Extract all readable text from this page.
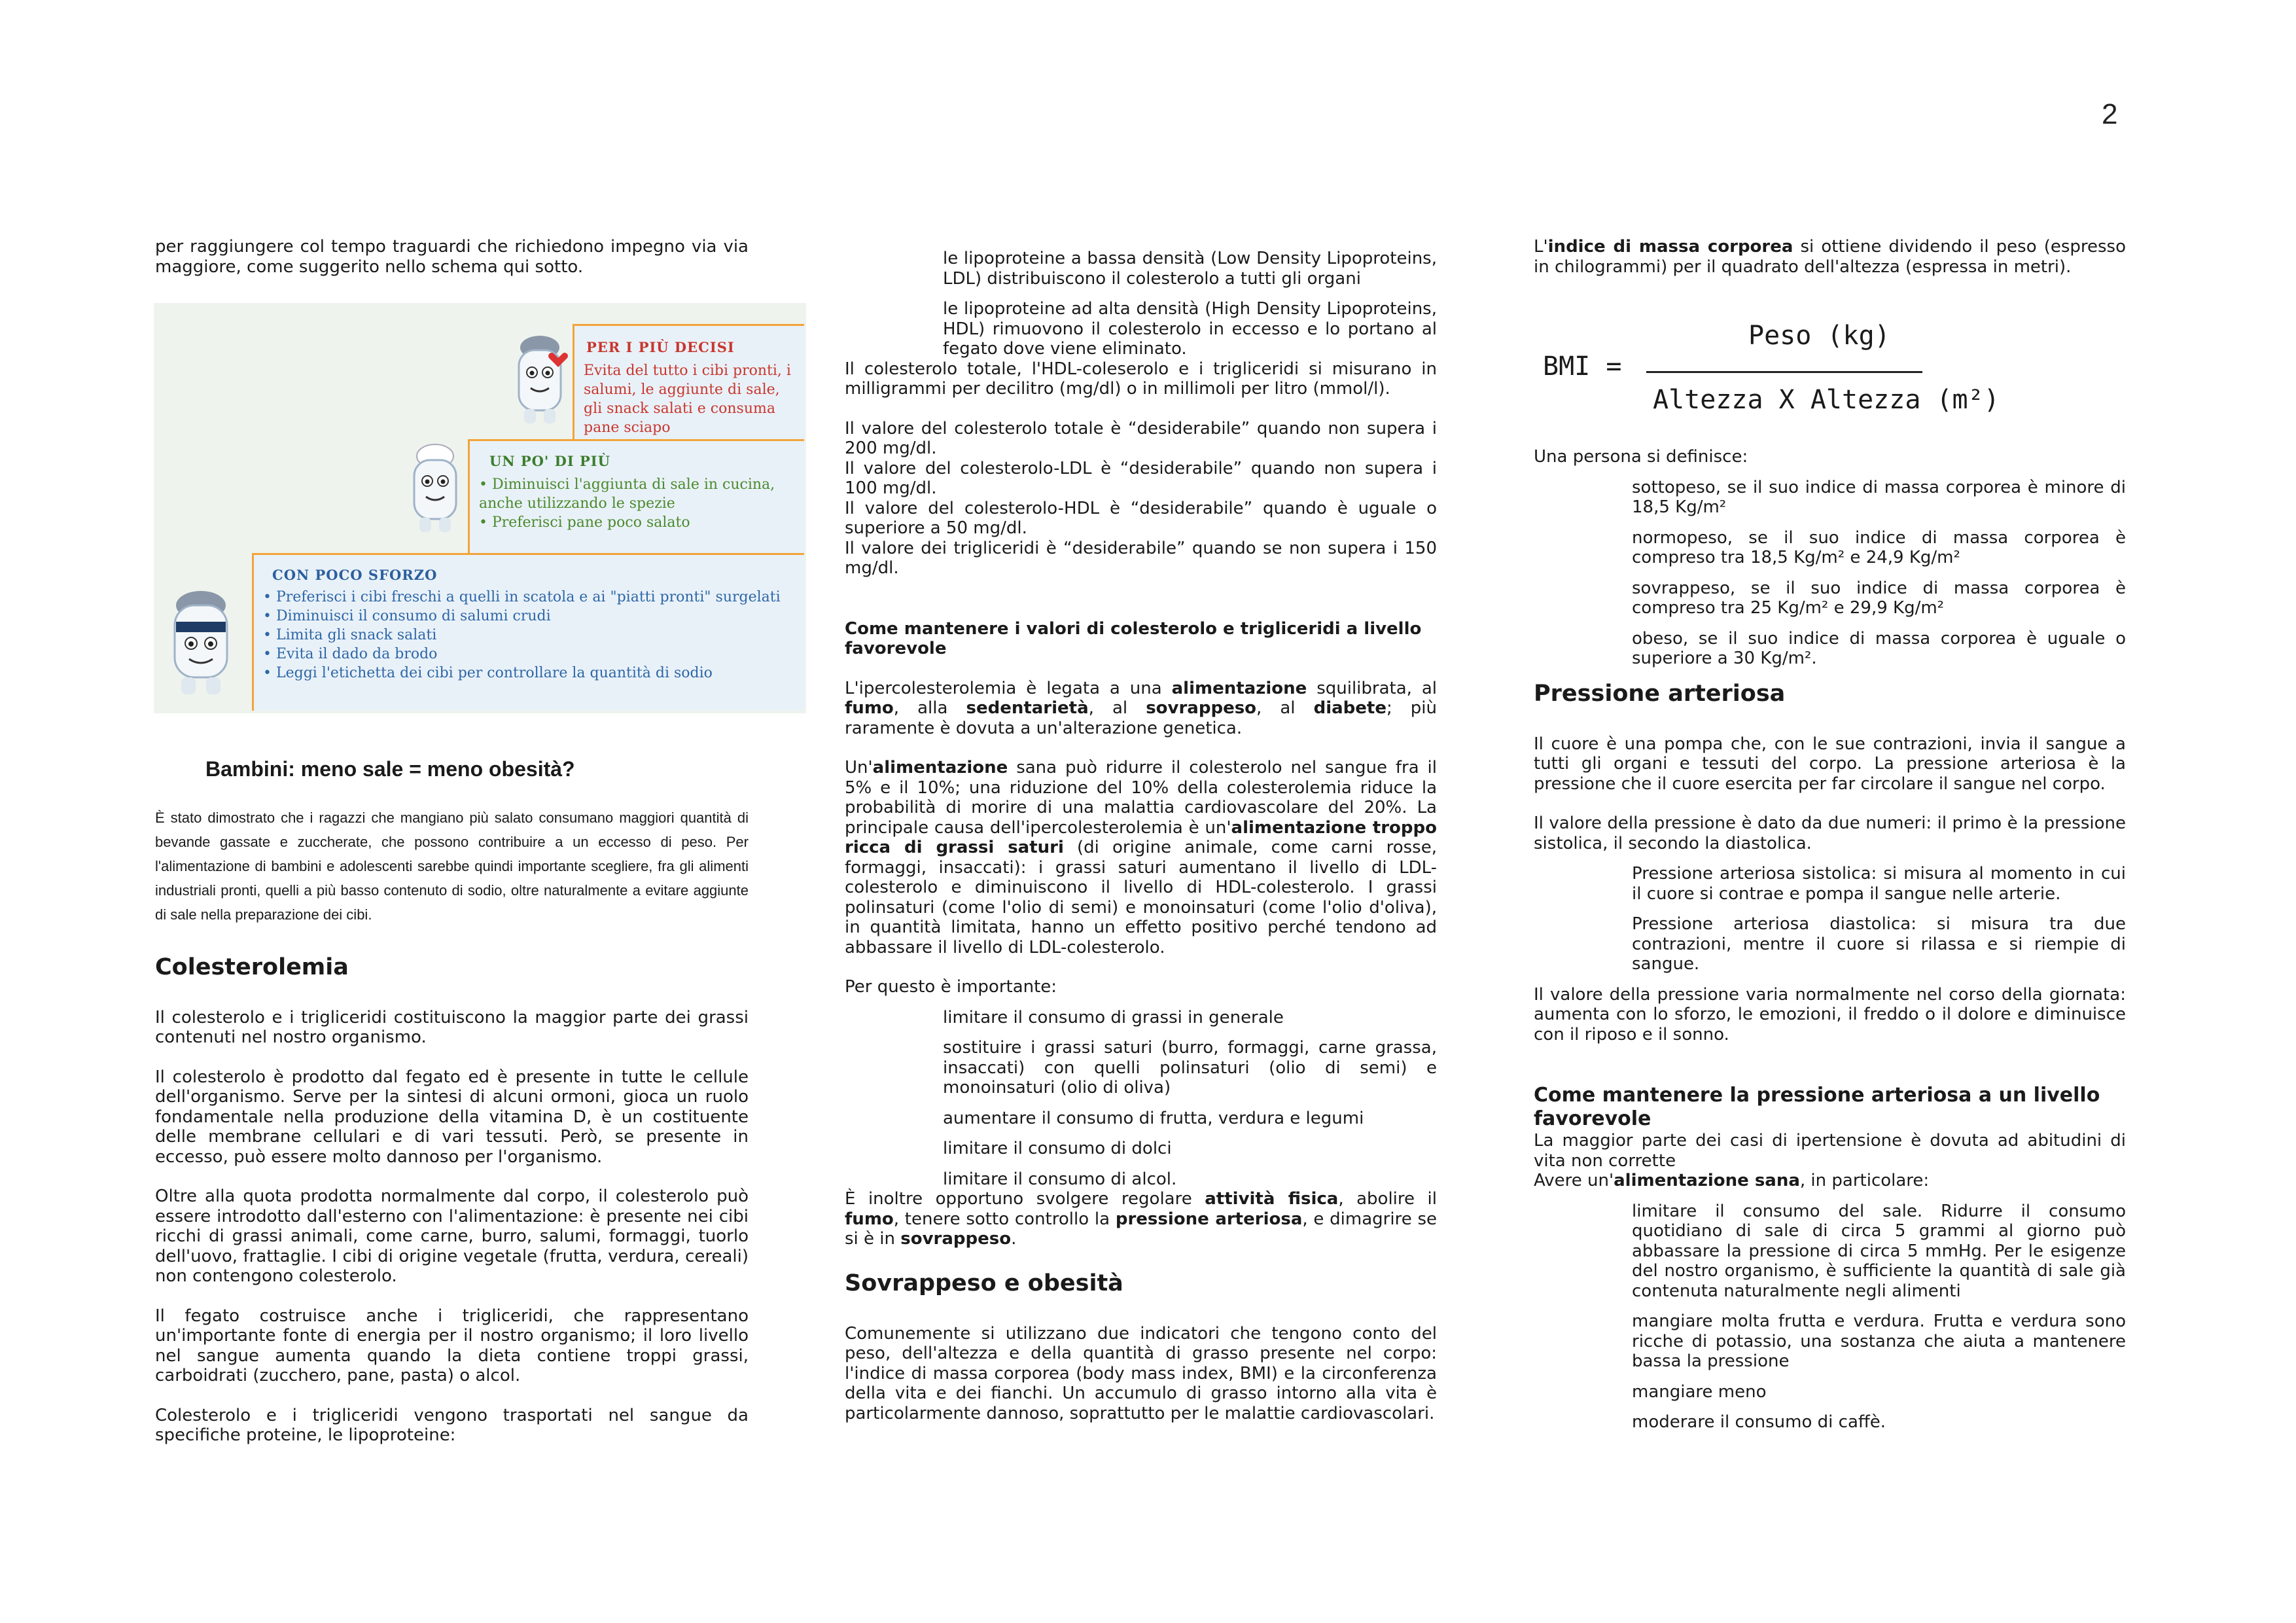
2

per raggiungere col tempo traguardi che richiedono impegno via via maggiore, come suggerito nello schema qui sotto.

PER I PIÙ DECISI
Evita del tutto i cibi pronti, i salumi, le aggiunte di sale, gli snack salati e consuma pane sciapo
UN PO' DI PIÙ
• Diminuisci l'aggiunta di sale in cucina, anche utilizzando le spezie
• Preferisci pane poco salato
CON POCO SFORZO
• Preferisci i cibi freschi a quelli in scatola e ai "piatti pronti" surgelati
• Diminuisci il consumo di salumi crudi
• Limita gli snack salati
• Evita il dado da brodo
• Leggi l'etichetta dei cibi per controllare la quantità di sodio
Bambini: meno sale = meno obesità?

È stato dimostrato che i ragazzi che mangiano più salato consumano maggiori quantità di bevande gassate e zuccherate, che possono contribuire a un eccesso di peso. Per l'alimentazione di bambini e adolescenti sarebbe quindi importante scegliere, fra gli alimenti industriali pronti, quelli a più basso contenuto di sodio, oltre naturalmente a evitare aggiunte di sale nella preparazione dei cibi.

Colesterolemia

Il colesterolo e i trigliceridi costituiscono la maggior parte dei grassi contenuti nel nostro organismo.

Il colesterolo è prodotto dal fegato ed è presente in tutte le cellule dell'organismo. Serve per la sintesi di alcuni ormoni, gioca un ruolo fondamentale nella produzione della vitamina D, è un costituente delle membrane cellulari e di vari tessuti. Però, se presente in eccesso, può essere molto dannoso per l'organismo.

Oltre alla quota prodotta normalmente dal corpo, il colesterolo può essere introdotto dall'esterno con l'alimentazione: è presente nei cibi ricchi di grassi animali, come carne, burro, salumi, formaggi, tuorlo dell'uovo, frattaglie. I cibi di origine vegetale (frutta, verdura, cereali) non contengono colesterolo.

Il fegato costruisce anche i trigliceridi, che rappresentano un'importante fonte di energia per il nostro organismo; il loro livello nel sangue aumenta quando la dieta contiene troppi grassi, carboidrati (zucchero, pane, pasta) o alcol.

Colesterolo e i trigliceridi vengono trasportati nel sangue da specifiche proteine, le lipoproteine:

le lipoproteine a bassa densità (Low Density Lipoproteins, LDL) distribuiscono il colesterolo a tutti gli organi
le lipoproteine ad alta densità (High Density Lipoproteins, HDL) rimuovono il colesterolo in eccesso e lo portano al fegato dove viene eliminato.

Il colesterolo totale, l'HDL-coleserolo e i trigliceridi si misurano in milligrammi per decilitro (mg/dl) o in millimoli per litro (mmol/l).

Il valore del colesterolo totale è “desiderabile” quando non supera i 200 mg/dl.

Il valore del colesterolo-LDL è “desiderabile” quando non supera i 100 mg/dl.

Il valore del colesterolo-HDL è “desiderabile” quando è uguale o superiore a 50 mg/dl.

Il valore dei trigliceridi è “desiderabile” quando se non supera i 150 mg/dl.

Come mantenere i valori di colesterolo e trigliceridi a livello favorevole

L'ipercolesterolemia è legata a una alimentazione squilibrata, al fumo, alla sedentarietà, al sovrappeso, al diabete; più raramente è dovuta a un'alterazione genetica.

Un'alimentazione sana può ridurre il colesterolo nel sangue fra il 5% e il 10%; una riduzione del 10% della colesterolemia riduce la probabilità di morire di una malattia cardiovascolare del 20%. La principale causa dell'ipercolesterolemia è un'alimentazione troppo ricca di grassi saturi (di origine animale, come carni rosse, formaggi, insaccati): i grassi saturi aumentano il livello di LDL-colesterolo e diminuiscono il livello di HDL-colesterolo. I grassi polinsaturi (come l'olio di semi) e monoinsaturi (come l'olio d'oliva), in quantità limitata, hanno un effetto positivo perché tendono ad abbassare il livello di LDL-colesterolo.

Per questo è importante:

limitare il consumo di grassi in generale
sostituire i grassi saturi (burro, formaggi, carne grassa, insaccati) con quelli polinsaturi (olio di semi) e monoinsaturi (olio di oliva)
aumentare il consumo di frutta, verdura e legumi
limitare il consumo di dolci
limitare il consumo di alcol.

È inoltre opportuno svolgere regolare attività fisica, abolire il fumo, tenere sotto controllo la pressione arteriosa, e dimagrire se si è in sovrappeso.

Sovrappeso e obesità

Comunemente si utilizzano due indicatori che tengono conto del peso, dell'altezza e della quantità di grasso presente nel corpo: l'indice di massa corporea (body mass index, BMI) e la circonferenza della vita e dei fianchi. Un accumulo di grasso intorno alla vita è particolarmente dannoso, soprattutto per le malattie cardiovascolari.

L'indice di massa corporea si ottiene dividendo il peso (espresso in chilogrammi) per il quadrato dell'altezza (espressa in metri).

BMI =
Peso (kg)
Altezza X Altezza (m²)

Una persona si definisce:

sottopeso, se il suo indice di massa corporea è minore di 18,5 Kg/m²
normopeso, se il suo indice di massa corporea è compreso tra 18,5 Kg/m² e 24,9 Kg/m²
sovrappeso, se il suo indice di massa corporea è compreso tra 25 Kg/m² e 29,9 Kg/m²
obeso, se il suo indice di massa corporea è uguale o superiore a 30 Kg/m².
Pressione arteriosa

Il cuore è una pompa che, con le sue contrazioni, invia il sangue a tutti gli organi e tessuti del corpo. La pressione arteriosa è la pressione che il cuore esercita per far circolare il sangue nel corpo.

Il valore della pressione è dato da due numeri: il primo è la pressione sistolica, il secondo la diastolica.

Pressione arteriosa sistolica: si misura al momento in cui il cuore si contrae e pompa il sangue nelle arterie.
Pressione arteriosa diastolica: si misura tra due contrazioni, mentre il cuore si rilassa e si riempie di sangue.

Il valore della pressione varia normalmente nel corso della giornata: aumenta con lo sforzo, le emozioni, il freddo o il dolore e diminuisce con il riposo e il sonno.

Come mantenere la pressione arteriosa a un livello favorevole

La maggior parte dei casi di ipertensione è dovuta ad abitudini di vita non corrette

Avere un'alimentazione sana, in particolare:

limitare il consumo del sale. Ridurre il consumo quotidiano di sale di circa 5 grammi al giorno può abbassare la pressione di circa 5 mmHg. Per le esigenze del nostro organismo, è sufficiente la quantità di sale già contenuta naturalmente negli alimenti
mangiare molta frutta e verdura. Frutta e verdura sono ricche di potassio, una sostanza che aiuta a mantenere bassa la pressione
mangiare meno
moderare il consumo di caffè.
